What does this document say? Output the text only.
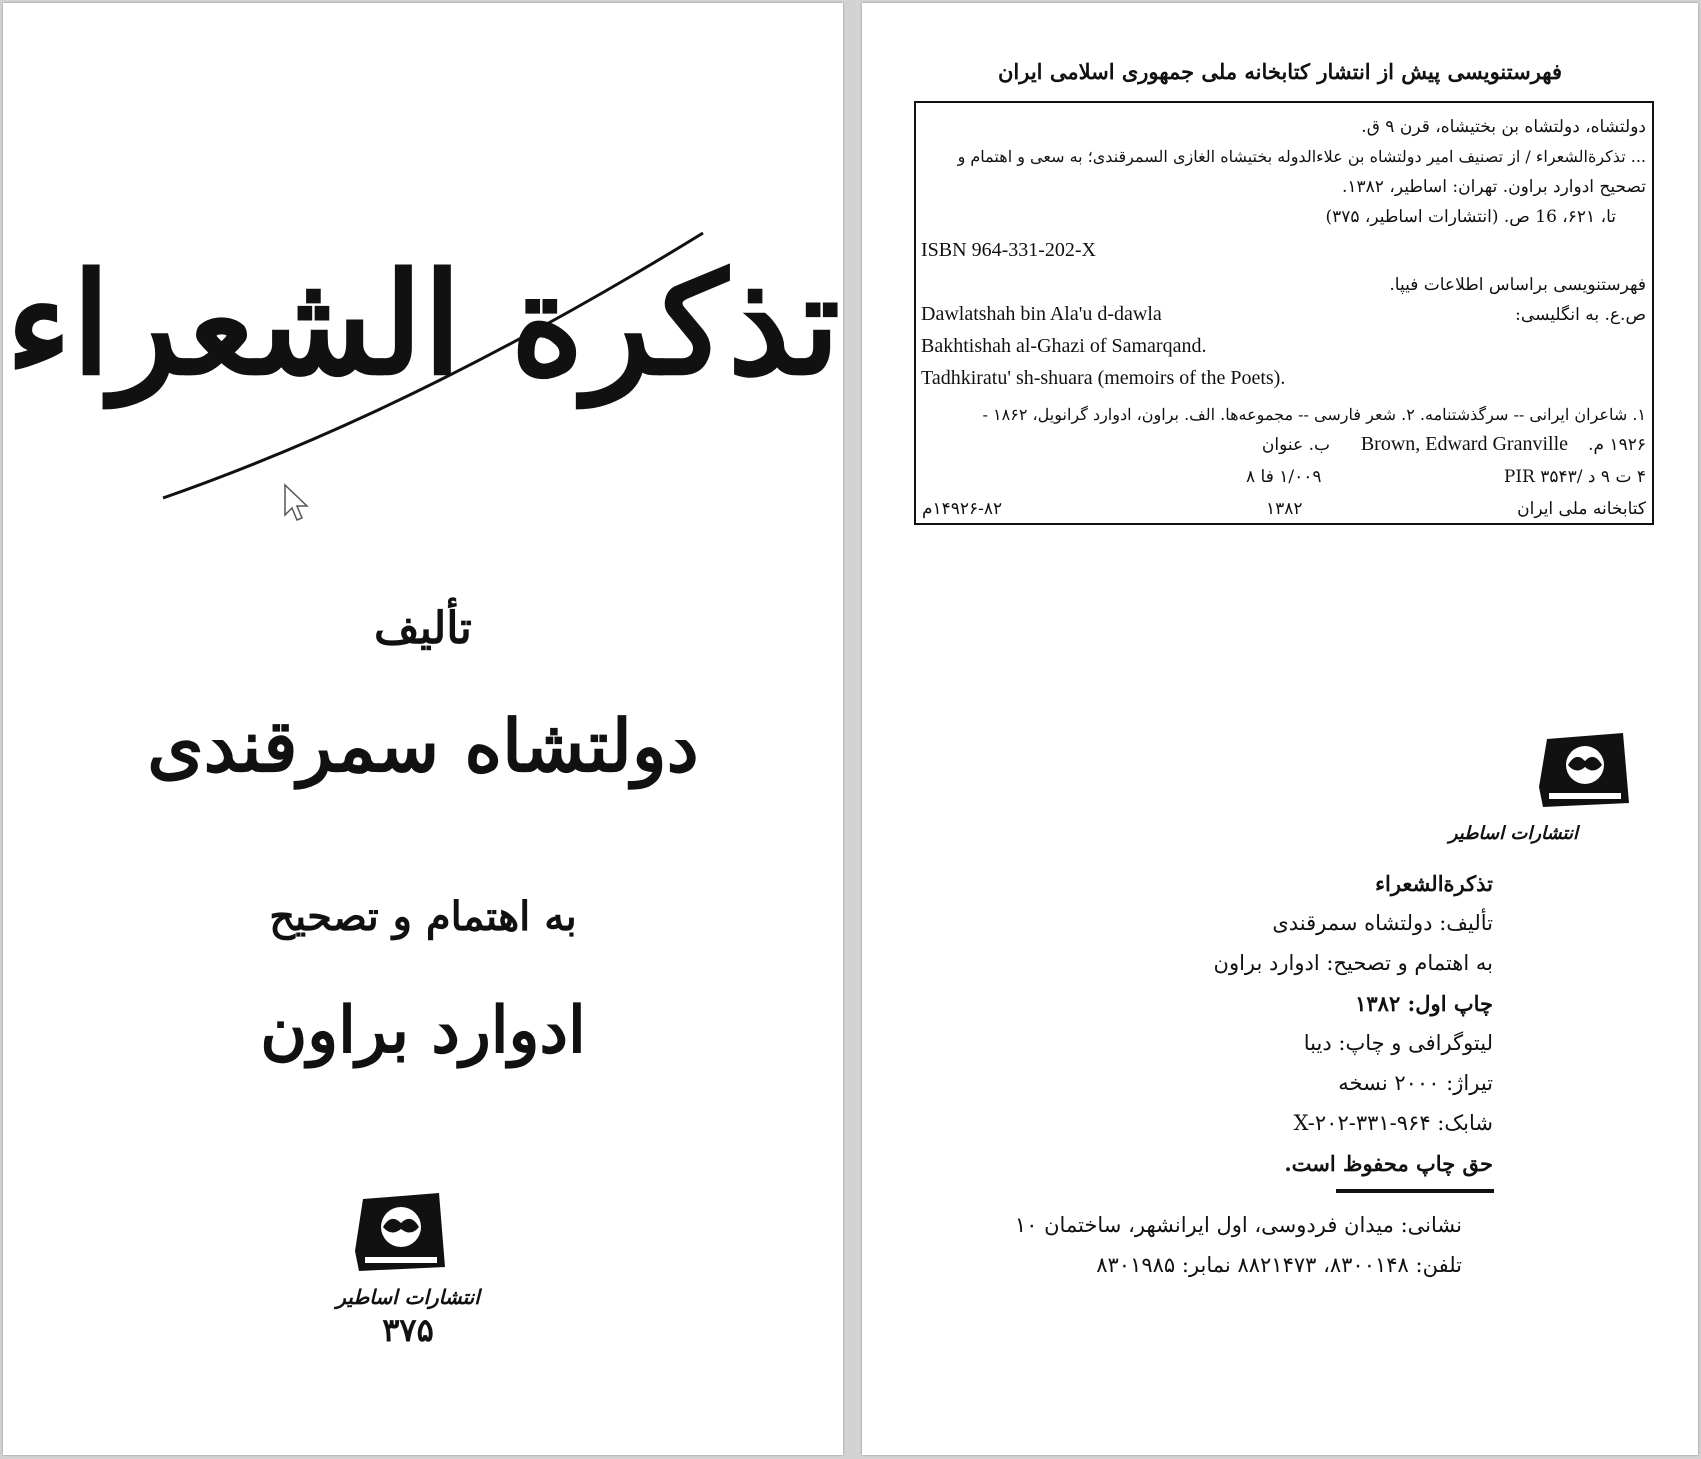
تذکرة الشعراء
تألیف
دولتشاه سمرقندی
به اهتمام و تصحیح
ادوارد براون
انتشارات اساطیر
۳۷۵
فهرستنویسی پیش از انتشار کتابخانه ملی جمهوری اسلامی ایران
دولتشاه، دولتشاه بن بختیشاه، قرن ۹ ق.
... تذکرة‌الشعراء / از تصنیف امیر دولتشاه بن علاءالدوله بختیشاه الغازی السمرقندی؛ به سعی و اهتمام و
تصحیح ادوارد براون. تهران: اساطیر، ۱۳۸۲.
تا، ۶۲۱، 16 ص. (انتشارات اساطیر، ۳۷۵)
ISBN 964-331-202-X
فهرستنویسی براساس اطلاعات فیپا.
ص.ع. به انگلیسی:
Dawlatshah bin Ala'u d-dawla
Bakhtishah al-Ghazi of Samarqand.
Tadhkiratu' sh-shuara (memoirs of the Poets).
۱. شاعران ایرانی -- سرگذشتنامه. ۲. شعر فارسی -- مجموعه‌ها. الف. براون، ادوارد گرانویل، ۱۸۶۲ -
۱۹۲۶ م.
Brown, Edward Granville
ب. عنوان
۴ ت ۹ د /PIR ۳۵۴۳
۱/۰۰۹ فا ۸
کتابخانه ملی ایران
۱۳۸۲
۱۴۹۲۶-۸۲م
انتشارات اساطیر
تذکرة‌الشعراء
تألیف: دولتشاه سمرقندی
به اهتمام و تصحیح: ادوارد براون
چاپ اول: ۱۳۸۲
لیتوگرافی و چاپ: دیبا
تیراژ: ۲۰۰۰ نسخه
شابک: X-۲۰۲-۳۳۱-۹۶۴
حق چاپ محفوظ است.
نشانی: میدان فردوسی، اول ایرانشهر، ساختمان ۱۰
تلفن: ۸۳۰۰۱۴۸، ۸۸۲۱۴۷۳ نمابر: ۸۳۰۱۹۸۵
